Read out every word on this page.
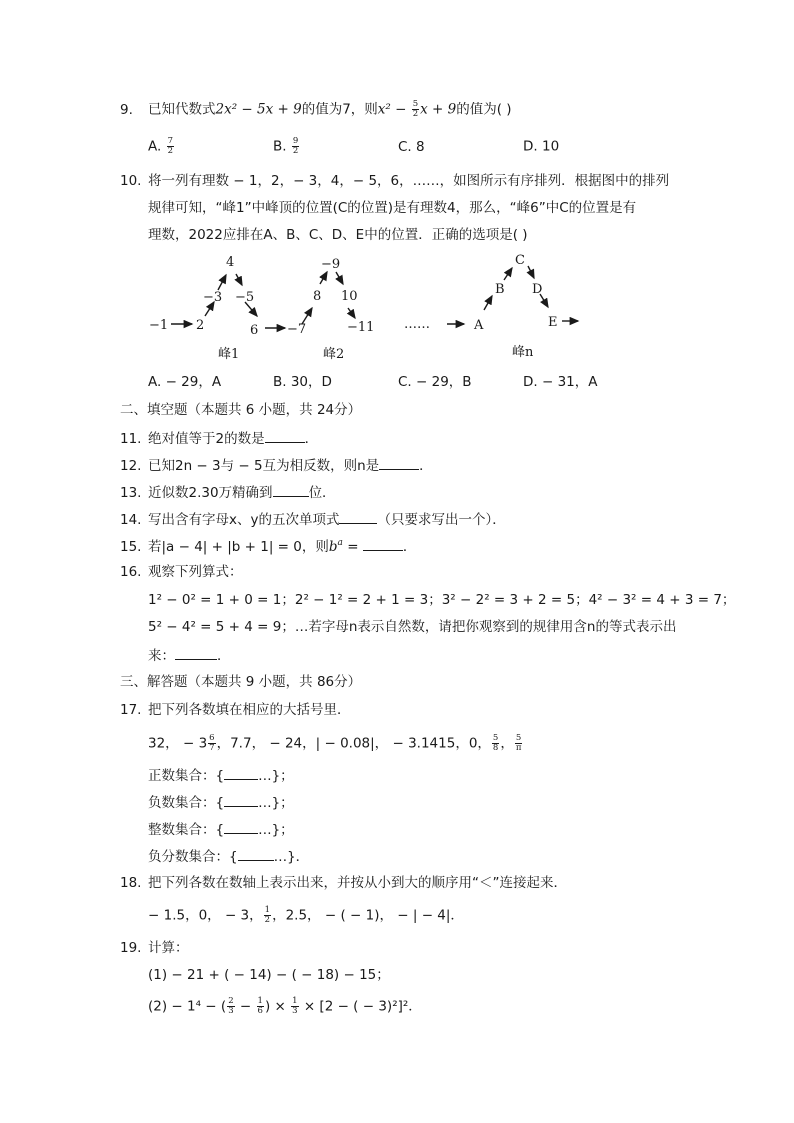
9. 已知代数式2x² − 5x + 9的值为7，则$x^2 - \frac{5}{2}$ x + 9的值为( )
A. $\frac{7}{2}$	B. $\frac{9}{2}$	C. 8	D. 10
10. 将一列有理数 − 1，2，− 3，4，− 5，6，……，如图所示有序排列．根据图中的排列
规律可知，“峰1”中峰顶的位置(C的位置)是有理数4，那么，“峰6”中C的位置是有
理数，2022应排在A、B、C、D、E中的位置．正确的选项是( )
−1 2
−3
4
−5
6 −7
8
−9
10
−11 ……	A
B
C
D
E
峰1	峰2	峰n
A. − 29，A	B. 30，D	C. − 29，B	D. − 31，A
二、填空题（本题共 6 小题，共 24分）
11. 绝对值等于2的数是	．
12. 已知2n − 3与 − 5互为相反数，则n是	．
13. 近似数2.30万精确到	位．
14. 写出含有字母x、y的五次单项式	（只要求写出一个）．
15. 若|a − 4| + |b + 1| = 0，则$b^a$ =	．
16. 观察下列算式：
1² − 0² = 1 + 0 = 1；2² − 1² = 2 + 1 = 3；3² − 2² = 3 + 2 = 5；4² − 3² = 4 + 3 = 7；
5² − 4² = 5 + 4 = 9；…若字母n表示自然数，请把你观察到的规律用含n的等式表示出
来：	．
三、解答题（本题共 9 小题，共 86分）
17. 把下列各数填在相应的大括号里．
32， − $3 \frac{6}{7}$ ，7.7， − 24，| − 0.08|， − 3.1415，0， $\frac{5}{8}$ ， $\frac{5}{\pi}$
正数集合：{	…}；
负数集合：{	…}；
整数集合：{	…}；
负分数集合：{	…}．
18. 把下列各数在数轴上表示出来，并按从小到大的顺序用“＜”连接起来．
− 1.5，0， − 3， $\frac{1}{2}$ ，2.5， − ( − 1)， − | − 4|．
19. 计算：
(1) − 21 + ( − 14) − ( − 18) − 15；
(2) − 1⁴ − ( $\frac{2}{3} - \frac{1}{6}$ ) × $\frac{1}{3} \times [2$ − ( − 3)²]²．
